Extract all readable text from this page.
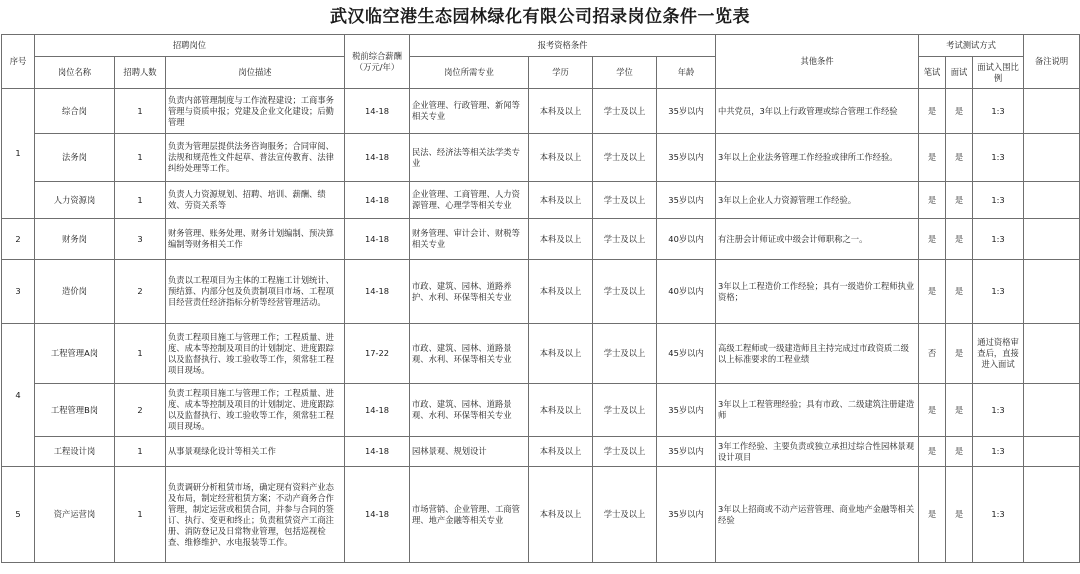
武汉临空港生态园林绿化有限公司招录岗位条件一览表
序号	招聘岗位			税前综合薪酬（万元/年）	报考资格条件				其他条件	考试测试方式			备注说明
	岗位名称	招聘人数	岗位描述		岗位所需专业	学历	学位	年龄		笔试	面试	面试入围比例	
1	综合岗	1	负责内部管理制度与工作流程建设；工商事务管理与资质申报；党建及企业文化建设；后勤管理	14-18	企业管理、行政管理、新闻等相关专业	本科及以上	学士及以上	35岁以内	中共党员，3年以上行政管理或综合管理工作经验	是	是	1:3	
	法务岗	1	负责为管理层提供法务咨询服务；合同审阅、法规和规范性文件起草、普法宣传教育、法律纠纷处理等工作。	14-18	民法、经济法等相关法学类专业	本科及以上	学士及以上	35岁以内	3年以上企业法务管理工作经验或律所工作经验。	是	是	1:3	
	人力资源岗	1	负责人力资源规划、招聘、培训、薪酬、绩效、劳资关系等	14-18	企业管理、工商管理、人力资源管理、心理学等相关专业	本科及以上	学士及以上	35岁以内	3年以上企业人力资源管理工作经验。	是	是	1:3	
2	财务岗	3	财务管理、账务处理、财务计划编制、预决算编制等财务相关工作	14-18	财务管理、审计会计、财税等相关专业	本科及以上	学士及以上	40岁以内	有注册会计师证或中级会计师职称之一。	是	是	1:3	
3	造价岗	2	负责以工程项目为主体的工程施工计划统计、预结算、内部分包及负责制项目市场、工程项目经营责任经济指标分析等经营管理活动。	14-18	市政、建筑、园林、道路养护、水利、环保等相关专业	本科及以上	学士及以上	40岁以内	3年以上工程造价工作经验；具有一级造价工程师执业资格；	是	是	1:3	
4	工程管理A岗	1	负责工程项目施工与管理工作；工程质量、进度、成本等控制及项目的计划制定、进度跟踪以及监督执行、竣工验收等工作，须常驻工程项目现场。	17-22	市政、建筑、园林、道路景观、水利、环保等相关专业	本科及以上	学士及以上	45岁以内	高级工程师或一级建造师且主持完成过市政资质二级以上标准要求的工程业绩	否	是	通过资格审查后，直接进入面试	
	工程管理B岗	2	负责工程项目施工与管理工作；工程质量、进度、成本等控制及项目的计划制定、进度跟踪以及监督执行、竣工验收等工作，须常驻工程项目现场。	14-18	市政、建筑、园林、道路景观、水利、环保等相关专业	本科及以上	学士及以上	35岁以内	3年以上工程管理经验；具有市政、二级建筑注册建造师	是	是	1:3	
	工程设计岗	1	从事景观绿化设计等相关工作	14-18	园林景观、规划设计	本科及以上	学士及以上	35岁以内	3年工作经验、主要负责或独立承担过综合性园林景观设计项目	是	是	1:3	
5	资产运营岗	1	负责调研分析租赁市场，确定现有资料产业态及布局，制定经营租赁方案；不动产商务合作管理，制定运营或租赁合同，并参与合同的签订、执行、变更和终止；负责租赁资产工商注册、消防登记及日常物业管理，包括巡视检查、维修维护、水电报装等工作。	14-18	市场营销、企业管理、工商管理、地产金融等相关专业	本科及以上	学士及以上	35岁以内	3年以上招商或不动产运营管理、商业地产金融等相关经验	是	是	1:3	
